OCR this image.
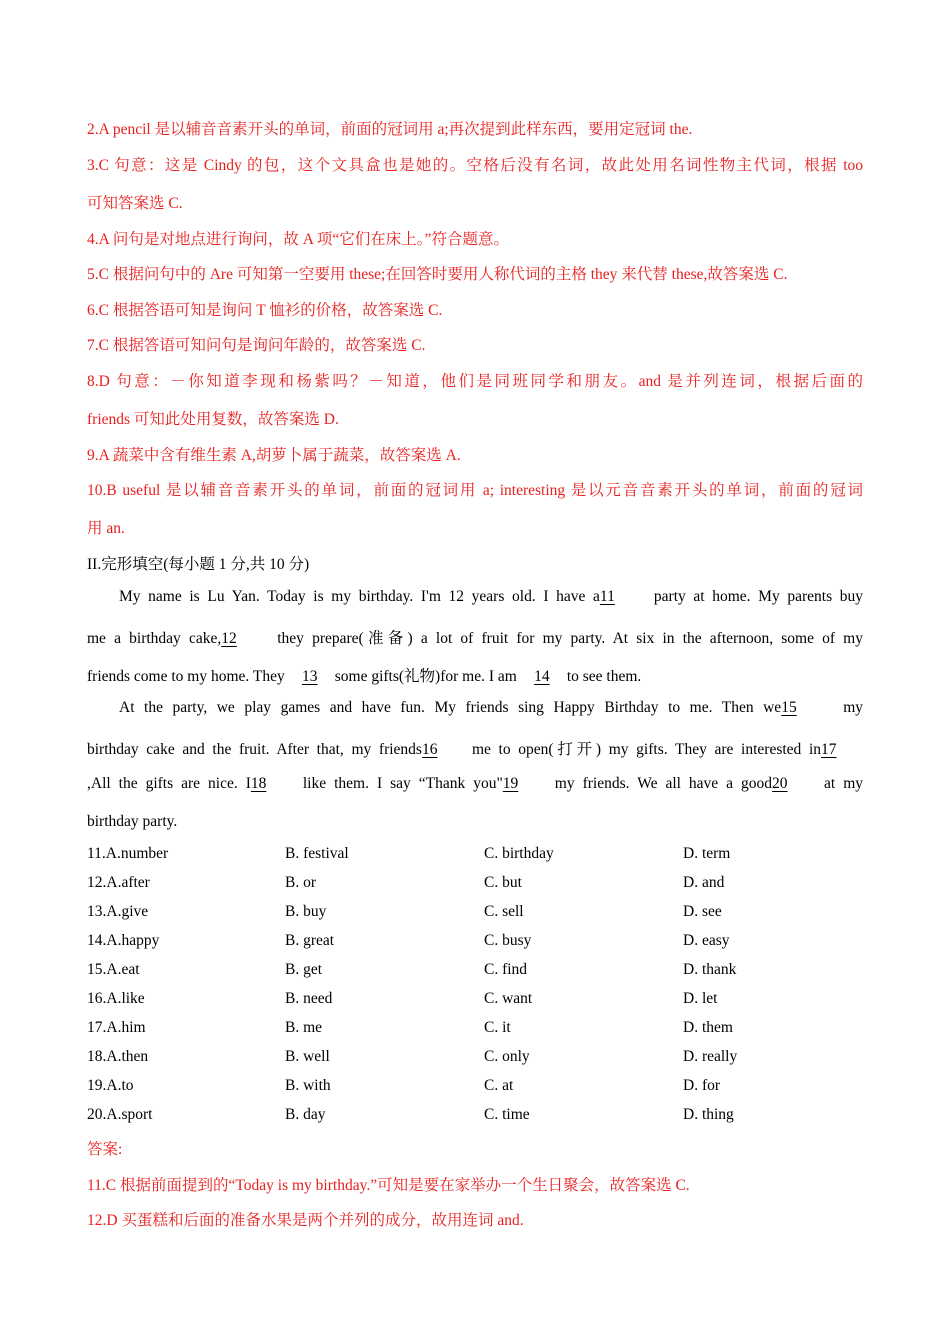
2.A pencil 是以辅音音素开头的单词，前面的冠词用 a;再次提到此样东西，要用定冠词 the.
3.C 句意：这是 Cindy 的包，这个文具盒也是她的。空格后没有名词，故此处用名词性物主代词，根据 too
可知答案选 C.
4.A 问句是对地点进行询问，故 A 项“它们在床上。”符合题意。
5.C 根据问句中的 Are 可知第一空要用 these;在回答时要用人称代词的主格 they 来代替 these,故答案选 C.
6.C 根据答语可知是询问 T 恤衫的价格，故答案选 C.
7.C 根据答语可知问句是询问年龄的，故答案选 C.
8.D 句意：－你知道李现和杨紫吗？－知道，他们是同班同学和朋友。and 是并列连词，根据后面的
friends 可知此处用复数，故答案选 D.
9.A 蔬菜中含有维生素 A,胡萝卜属于蔬菜，故答案选 A.
10.B useful 是以辅音音素开头的单词，前面的冠词用 a; interesting 是以元音音素开头的单词，前面的冠词
用 an.
II.完形填空(每小题 1 分,共 10 分)
My name is Lu Yan. Today is my birthday. I'm 12 years old. I have a11	party at home. My parents buy
me a birthday cake,12	they prepare(准备) a lot of fruit for my party. At six in the afternoon, some of my
friends come to my home. They 13 some gifts(礼物)for me. I am 14 to see them.
At the party, we play games and have fun. My friends sing Happy Birthday to me. Then we15	my
birthday cake and the fruit. After that, my friends16 me to open(打开) my gifts. They are interested in17
,All the gifts are nice. I18 like them. I say “Thank you"19 my friends. We all have a good20 at my
birthday party.
11.A.number	B. festival	C. birthday	D. term
12.A.after	B. or	C. but	D. and
13.A.give	B. buy	C. sell	D. see
14.A.happy	B. great	C. busy	D. easy
15.A.eat	B. get	C. find	D. thank
16.A.like	B. need	C. want	D. let
17.A.him	B. me	C. it	D. them
18.A.then	B. well	C. only	D. really
19.A.to	B. with	C. at	D. for
20.A.sport	B. day	C. time	D. thing
答案:
11.C 根据前面提到的“Today is my birthday.”可知是要在家举办一个生日聚会，故答案选 C.
12.D 买蛋糕和后面的准备水果是两个并列的成分，故用连词 and.
